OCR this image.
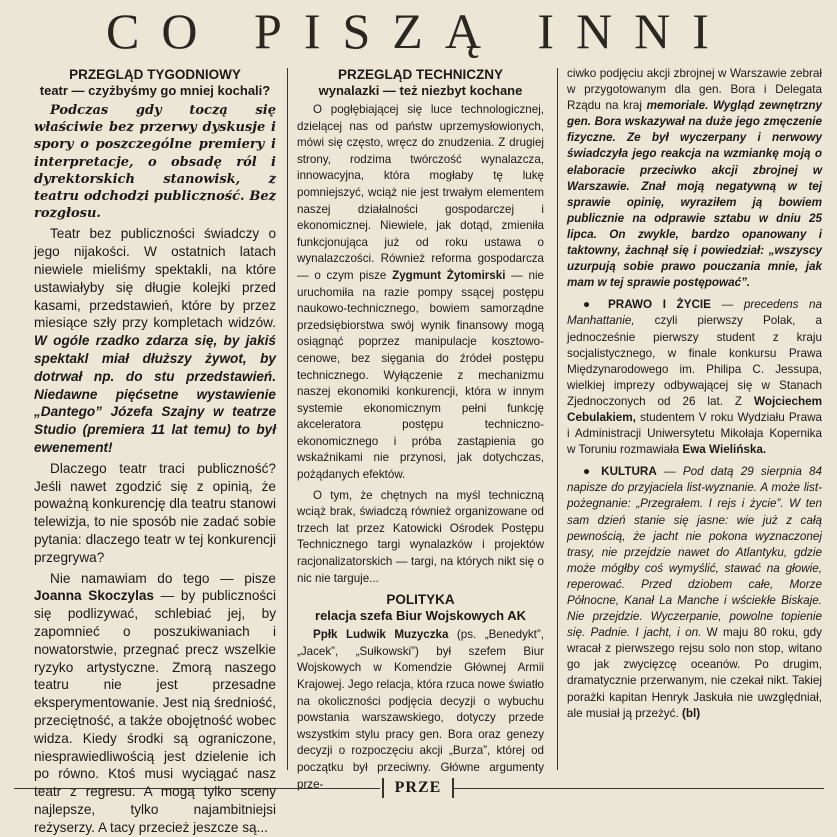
CO PISZĄ INNI
PRZEGLĄD TYGODNIOWY
teatr — czyżbyśmy go mniej kochali?

Podczas gdy toczą się właściwie bez przerwy dyskusje i spory o poszczególne premiery i interpretacje, o obsadę ról i dyrektorskich stanowisk, z teatru odchodzi publiczność. Bez rozgłosu.

Teatr bez publiczności świadczy o jego nijakości. W ostatnich latach niewiele mieliśmy spektakli, na które ustawiałyby się długie kolejki przed kasami, przedstawień, które by przez miesiące szły przy kompletach widzów. W ogóle rzadko zdarza się, by jakiś spektakl miał dłuższy żywot, by dotrwał np. do stu przedstawień. Niedawne pięćsetne wystawienie „Dantego” Józefa Szajny w teatrze Studio (premiera 11 lat temu) to był ewenement!

Dlaczego teatr traci publiczność? Jeśli nawet zgodzić się z opinią, że poważną konkurencję dla teatru stanowi telewizja, to nie sposób nie zadać sobie pytania: dlaczego teatr w tej konkurencji przegrywa?

Nie namawiam do tego — pisze Joanna Skoczylas — by publiczności się podlizywać, schlebiać jej, by zapomnieć o poszukiwaniach i nowatorstwie, przegnać precz wszelkie ryzyko artystyczne. Zmorą naszego teatru nie jest przesadne eksperymentowanie. Jest nią średniość, przeciętność, a także obojętność wobec widza. Kiedy środki są ograniczone, niesprawiedliwością jest dzielenie ich po równo. Ktoś musi wyciągać nasz teatr z regresu. A mogą tylko sceny najlepsze, tylko najambitniejsi reżyserzy. A tacy przecież jeszcze są...

PRZEGLĄD TECHNICZNY
wynalazki — też niezbyt kochane

O pogłębiającej się luce technologicznej, dzielącej nas od państw uprzemysłowionych, mówi się często, wręcz do znudzenia. Z drugiej strony, rodzima twórczość wynalazcza, innowacyjna, która mogłaby tę lukę pomniejszyć, wciąż nie jest trwałym elementem naszej działalności gospodarczej i ekonomicznej. Niewiele, jak dotąd, zmieniła funkcjonująca już od roku ustawa o wynalazczości. Również reforma gospodarcza — o czym pisze Zygmunt Żytomirski — nie uruchomiła na razie pompy ssącej postępu naukowo-technicznego, bowiem samorządne przedsiębiorstwa swój wynik finansowy mogą osiągnąć poprzez manipulacje kosztowo-cenowe, bez sięgania do źródeł postępu technicznego. Wyłączenie z mechanizmu naszej ekonomiki konkurencji, która w innym systemie ekonomicznym pełni funkcję akceleratora postępu techniczno-ekonomicznego i próba zastąpienia go wskaźnikami nie przynosi, jak dotychczas, pożądanych efektów.

O tym, że chętnych na myśl techniczną wciąż brak, świadczą również organizowane od trzech lat przez Katowicki Ośrodek Postępu Technicznego targi wynalazków i projektów racjonalizatorskich — targi, na których nikt się o nic nie targuje...

POLITYKA
relacja szefa Biur Wojskowych AK

Ppłk Ludwik Muzyczka (ps. „Benedykt”, „Jacek”, „Sułkowski”) był szefem Biur Wojskowych w Komendzie Głównej Armii Krajowej. Jego relacja, która rzuca nowe światło na okoliczności podjęcia decyzji o wybuchu powstania warszawskiego, dotyczy przede wszystkim stylu pracy gen. Bora oraz genezy decyzji o rozpoczęciu akcji „Burza”, której od początku był przeciwny. Główne argumenty prze-

ciwko podjęciu akcji zbrojnej w Warszawie zebrał w przygotowanym dla gen. Bora i Delegata Rządu na kraj memoriale. Wygląd zewnętrzny gen. Bora wskazywał na duże jego zmęczenie fizyczne. Ze był wyczerpany i nerwowy świadczyła jego reakcja na wzmiankę moją o elaboracie przeciwko akcji zbrojnej w Warszawie. Znał moją negatywną w tej sprawie opinię, wyraziłem ją bowiem publicznie na odprawie sztabu w dniu 25 lipca. On zwykle, bardzo opanowany i taktowny, żachnął się i powiedział: „wszyscy uzurpują sobie prawo pouczania mnie, jak mam w tej sprawie postępować”.

● PRAWO I ŻYCIE — precedens na Manhattanie, czyli pierwszy Polak, a jednocześnie pierwszy student z kraju socjalistycznego, w finale konkursu Prawa Międzynarodowego im. Philipa C. Jessupa, wielkiej imprezy odbywającej się w Stanach Zjednoczonych od 26 lat. Z Wojciechem Cebulakiem, studentem V roku Wydziału Prawa i Administracji Uniwersytetu Mikołaja Kopernika w Toruniu rozmawiała Ewa Wielińska.

● KULTURA — Pod datą 29 sierpnia 84 napisze do przyjaciela list-wyznanie. A może list-pożegnanie: „Przegrałem. I rejs i życie”. W ten sam dzień stanie się jasne: wie już z całą pewnością, że jacht nie pokona wyznaczonej trasy, nie przejdzie nawet do Atlantyku, gdzie może mógłby coś wymyślić, stawać na głowie, reperować. Przed dziobem całe, Morze Północne, Kanał La Manche i wściekłe Biskaje. Nie przejdzie. Wyczerpanie, powolne topienie się. Padnie. I jacht, i on. W maju 80 roku, gdy wracał z pierwszego rejsu solo non stop, witano go jak zwycięzcę oceanów. Po drugim, dramatycznie przerwanym, nie czekał nikt. Takiej porażki kapitan Henryk Jaskuła nie uwzględniał, ale musiał ją przeżyć. (bl)

PRZE
